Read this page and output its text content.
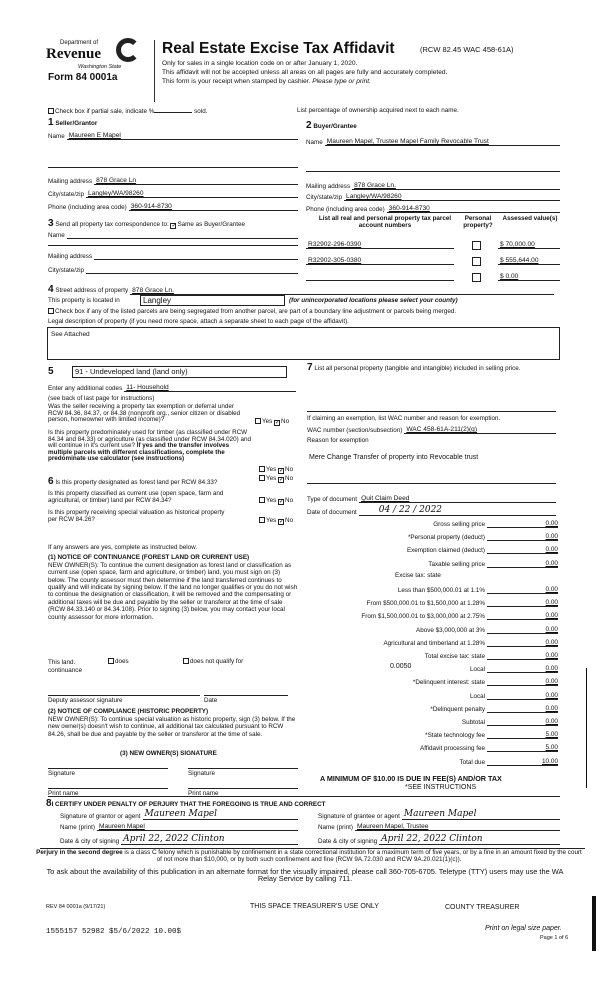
Department of
Revenue
Washington State
Form 84 0001a
Real Estate Excise Tax Affidavit	(RCW 82.45 WAC 458-61A)
Only for sales in a single location code on or after January 1, 2020.
This affidavit will not be accepted unless all areas on all pages are fully and accurately completed.
This form is your receipt when stamped by cashier. Please type or print.
Check box if partial sale, indicate %	sold.	List percentage of ownership acquired next to each name.
1 Seller/Grantor
Name Maureen E Mapel
Mailing address 878 Grace Ln
City/state/zip Langley/WA/98260
Phone (including area code) 360-914-8730
2 Buyer/Grantee
Name Maureen Mapel, Trustee Mapel Family Revocable Trust
Mailing address 878 Grace Ln.
City/state/zip Langley/WA/98260
Phone (including area code) 360-914-8730
3 Send all property tax correspondence to: ✓Same as Buyer/Grantee
Name
Mailing address
City/state/zip
List all real and personal property tax parcel account numbers
Personal property?
Assessed value(s)
R32902-296-0390	$ 70,000.00
R32902-305-0380	$ 555,644.00
$ 0.00
4 Street address of property 878 Grace Ln.
This property is located in	Langley	(for unincorporated locations please select your county)
Check box if any of the listed parcels are being segregated from another parcel, are part of a boundary line adjustment or parcels being merged.
Legal description of property (if you need more space, attach a separate sheet to each page of the affidavit).
See Attached
5	91 - Undeveloped land (land only)
Enter any additional codes 11- Household
(see back of last page for instructions)
Was the seller receiving a property tax exemption or deferral under RCW 84.36, 84.37, or 84.38 (nonprofit org., senior citizen or disabled person, homeowner with limited income)?	Yes ✓No
Is this property predominately used for timber (as classified under RCW 84.34 and 84.33) or agriculture (as classified under RCW 84.34.020) and will continue in it's current use? If yes and the transfer involves multiple parcels with different classifications, complete the predominate use calculator (see instructions)
Yes ✓No
6 Is this property designated as forest land per RCW 84.33?
Yes ✓No
Is this property classified as current use (open space, farm and agricultural, or timber) land per RCW 84.34?	Yes ✓No
Is this property receiving special valuation as historical property per RCW 84.26?	Yes ✓No
If any answers are yes, complete as instructed below.
(1) NOTICE OF CONTINUANCE (FOREST LAND OR CURRENT USE)
NEW OWNER(S): To continue the current designation as forest land or classification as current use (open space, farm and agriculture, or timber) land, you must sign on (3) below. The county assessor must then determine if the land transferred continues to qualify and will indicate by signing below. If the land no longer qualifies or you do not wish to continue the designation or classification, it will be removed and the compensating or additional taxes will be due and payable by the seller or transferor at the time of sale (RCW 84.33.140 or 84.34.108). Prior to signing (3) below, you may contact your local county assessor for more information.
This land.
continuance
does	does not qualify for
Deputy assessor signature	Date
(2) NOTICE OF COMPLIANCE (HISTORIC PROPERTY)
NEW OWNER(S): To continue special valuation as historic property, sign (3) below. If the new owner(s) doesn't wish to continue, all additional tax calculated pursuant to RCW 84.26, shall be due and payable by the seller or transferor at the time of sale.
(3) NEW OWNER(S) SIGNATURE
Signature	Signature
Print name	Print name
7 List all personal property (tangible and intangible) included in selling price.
If claiming an exemption, list WAC number and reason for exemption.
WAC number (section/subsection) WAC 458-61A-211(2)(g)
Reason for exemption
Mere Change Transfer of property into Revocable trust
Type of document Quit Claim Deed
Date of document 04 / 22 / 2022
Gross selling price	0.00
*Personal property (deduct)	0.00
Exemption claimed (deduct)	0.00
Taxable selling price	0.00
Excise tax: state
Less than $500,000.01 at 1.1%	0.00
From $500,000.01 to $1,500,000 at 1.28%	0.00
From $1,500,000.01 to $3,000,000 at 2.75%	0.00
Above $3,000,000 at 3%	0.00
Agricultural and timberland at 1.28%	0.00
Total excise tax: state	0.00
0.0050	Local	0.00
*Delinquent interest: state	0.00
Local	0.00
*Delinquent penalty	0.00
Subtotal	0.00
*State technology fee	5.00
Affidavit processing fee	5.00
Total due	10.00
A MINIMUM OF $10.00 IS DUE IN FEE(S) AND/OR TAX
*SEE INSTRUCTIONS
8I CERTIFY UNDER PENALTY OF PERJURY THAT THE FOREGOING IS TRUE AND CORRECT
Signature of grantor or agent Maureen Mapel
Name (print) Maureen Mapel
Date & city of signing April 22, 2022 Clinton
Signature of grantee or agent Maureen Mapel
Name (print) Maureen Mapel, Trustee
Date & city of signing April 22, 2022 Clinton
Perjury in the second degree is a class C felony which is punishable by confinement in a state correctional institution for a maximum term of five years, or by a fine in an amount fixed by the court of not more than $10,000, or by both such confinement and fine (RCW 9A.72.030 and RCW 9A.20.021(1)(c)).
To ask about the availability of this publication in an alternate format for the visually impaired, please call 360-705-6705. Teletype (TTY) users may use the WA Relay Service by calling 711.
REV 84 0001a (9/17/21)	THIS SPACE TREASURER'S USE ONLY	COUNTY TREASURER
1555157 52982 $5/6/2022 10.00$	Print on legal size paper.
Page 1 of 6
